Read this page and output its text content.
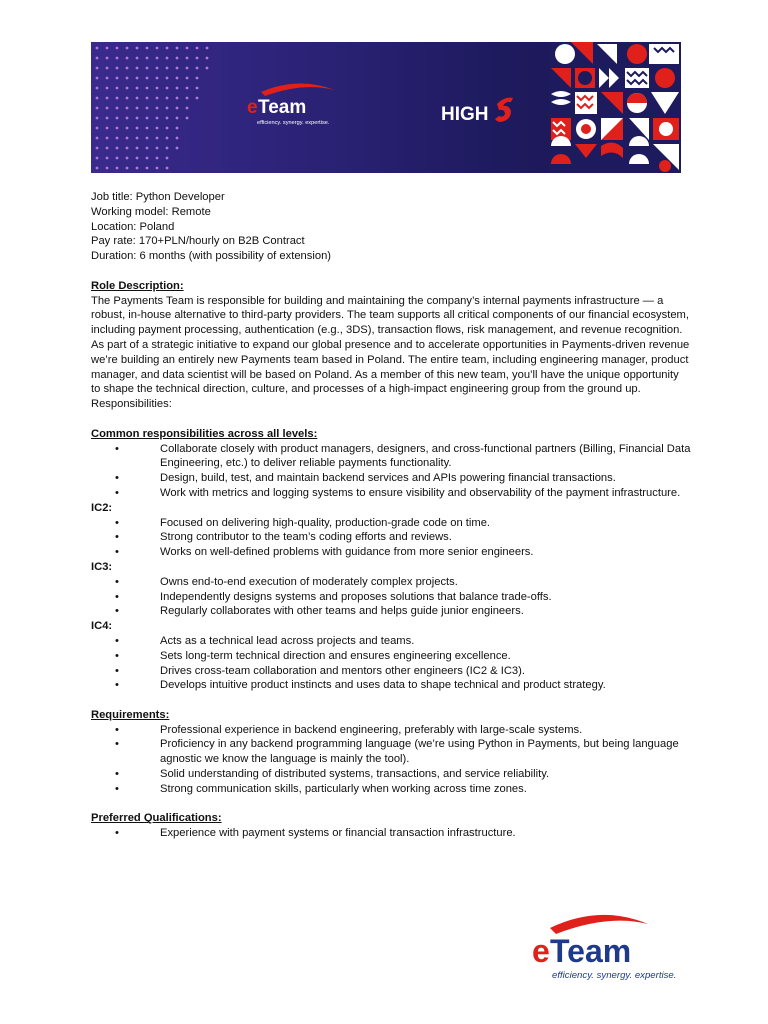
e Team
efficiency. synergy. expertise.	HIGH

Job title: Python Developer

Working model: Remote

Location: Poland

Pay rate: 170+PLN/hourly on B2B Contract

Duration: 6 months (with possibility of extension)

Role Description:

The Payments Team is responsible for building and maintaining the company’s internal payments infrastructure — a robust, in-house alternative to third-party providers. The team supports all critical components of our financial ecosystem, including payment processing, authentication (e.g., 3DS), transaction flows, risk management, and revenue recognition.

As part of a strategic initiative to expand our global presence and to accelerate opportunities in Payments-driven revenue we’re building an entirely new Payments team based in Poland. The entire team, including engineering manager, product manager, and data scientist will be based on Poland. As a member of this new team, you’ll have the unique opportunity to shape the technical direction, culture, and processes of a high-impact engineering group from the ground up.

Responsibilities:

Common responsibilities across all levels:

•	Collaborate closely with product managers, designers, and cross-functional partners (Billing, Financial Data Engineering, etc.) to deliver reliable payments functionality.
•	Design, build, test, and maintain backend services and APIs powering financial transactions.
•	Work with metrics and logging systems to ensure visibility and observability of the payment infrastructure.

IC2:

•	Focused on delivering high-quality, production-grade code on time.
•	Strong contributor to the team’s coding efforts and reviews.
•	Works on well-defined problems with guidance from more senior engineers.

IC3:

•	Owns end-to-end execution of moderately complex projects.
•	Independently designs systems and proposes solutions that balance trade-offs.
•	Regularly collaborates with other teams and helps guide junior engineers.

IC4:

•	Acts as a technical lead across projects and teams.
•	Sets long-term technical direction and ensures engineering excellence.
•	Drives cross-team collaboration and mentors other engineers (IC2 & IC3).
•	Develops intuitive product instincts and uses data to shape technical and product strategy.

Requirements:

•	Professional experience in backend engineering, preferably with large-scale systems.
•	Proficiency in any backend programming language (we’re using Python in Payments, but being language agnostic we know the language is mainly the tool).
•	Solid understanding of distributed systems, transactions, and service reliability.
•	Strong communication skills, particularly when working across time zones.

Preferred Qualifications:

•	Experience with payment systems or financial transaction infrastructure.
e Team
efficiency. synergy. expertise.
